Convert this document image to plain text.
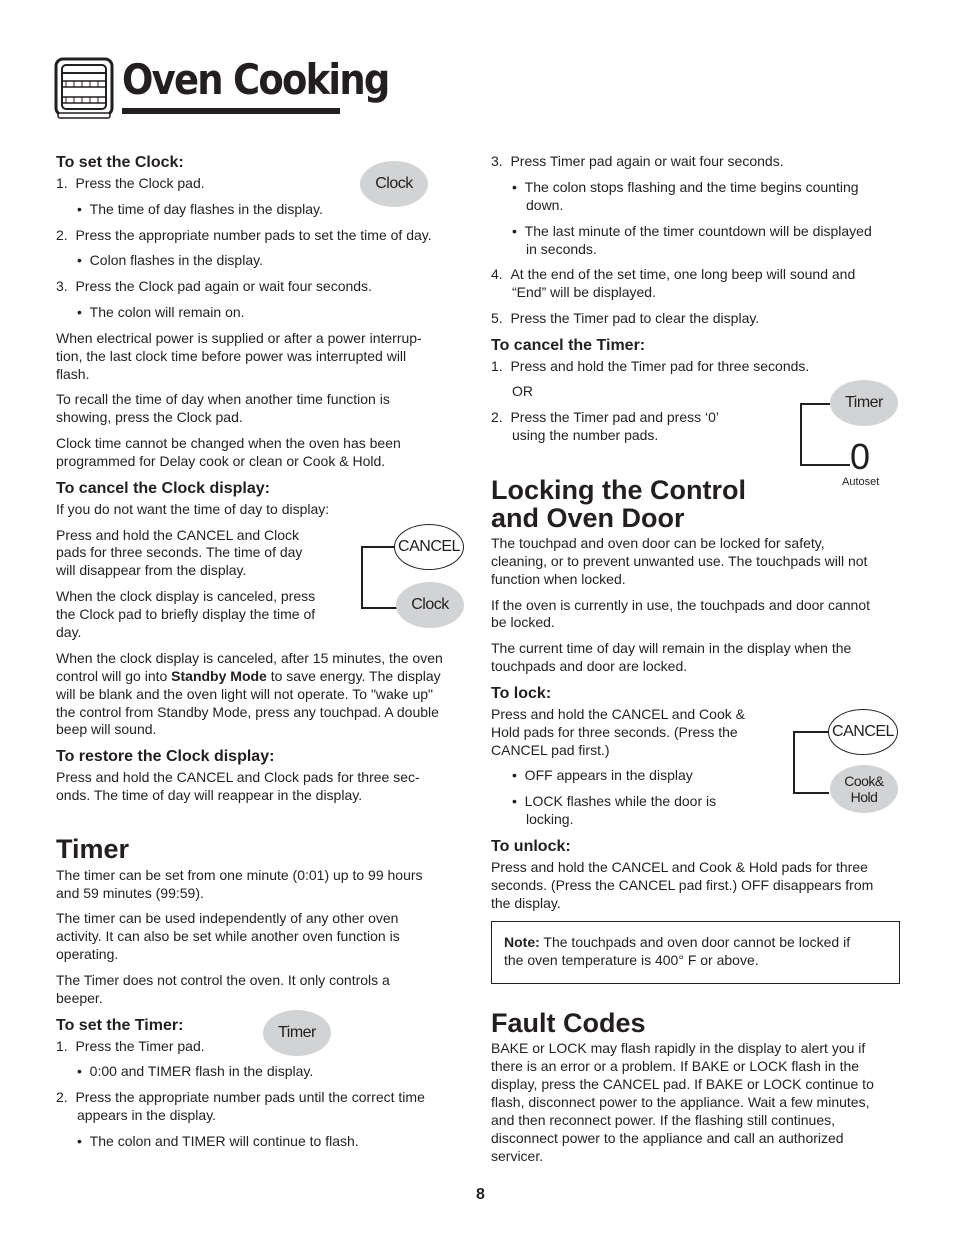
Oven Cooking
To set the Clock:
1.  Press the Clock pad.
•  The time of day flashes in the display.
2.  Press the appropriate number pads to set the time of day.
•  Colon flashes in the display.
3.  Press the Clock pad again or wait four seconds.
•  The colon will remain on.
Clock
When electrical power is supplied or after a power interrup-
tion, the last clock time before power was interrupted will
flash.
To recall the time of day when another time function is
showing, press the Clock pad.
Clock time cannot be changed when the oven has been
programmed for Delay cook or clean or Cook & Hold.
To cancel the Clock display:
If you do not want the time of day to display:
Press and hold the CANCEL and Clock
pads for three seconds. The time of day
will disappear from the display.
When the clock display is canceled, press
the Clock pad to briefly display the time of
day.
CANCEL
Clock
When the clock display is canceled, after 15 minutes, the oven
control will go into Standby Mode to save energy. The display
will be blank and the oven light will not operate. To "wake up"
the control from Standby Mode, press any touchpad. A double
beep will sound.
To restore the Clock display:
Press and hold the CANCEL and Clock pads for three sec-
onds. The time of day will reappear in the display.
Timer
The timer can be set from one minute (0:01) up to 99 hours
and 59 minutes (99:59).
The timer can be used independently of any other oven
activity. It can also be set while another oven function is
operating.
The Timer does not control the oven. It only controls a
beeper.
To set the Timer:	Timer
1.  Press the Timer pad.
•  0:00 and TIMER flash in the display.
2.  Press the appropriate number pads until the correct time
appears in the display.
•  The colon and TIMER will continue to flash.
3.  Press Timer pad again or wait four seconds.
•  The colon stops flashing and the time begins counting
down.
•  The last minute of the timer countdown will be displayed
in seconds.
4.  At the end of the set time, one long beep will sound and
“End” will be displayed.
5.  Press the Timer pad to clear the display.
To cancel the Timer:
1.  Press and hold the Timer pad for three seconds.
OR
2.  Press the Timer pad and press ‘0’
using the number pads.
Timer
0
Autoset
Locking the Control
and Oven Door
The touchpad and oven door can be locked for safety,
cleaning, or to prevent unwanted use. The touchpads will not
function when locked.
If the oven is currently in use, the touchpads and door cannot
be locked.
The current time of day will remain in the display when the
touchpads and door are locked.
To lock:
Press and hold the CANCEL and Cook &
Hold pads for three seconds. (Press the
CANCEL pad first.)
•  OFF appears in the display
•  LOCK flashes while the door is
locking.
CANCEL
Cook&
Hold
To unlock:
Press and hold the CANCEL and Cook & Hold pads for three
seconds. (Press the CANCEL pad first.) OFF disappears from
the display.
Note: The touchpads and oven door cannot be locked if
the oven temperature is 400° F or above.
Fault Codes
BAKE or LOCK may flash rapidly in the display to alert you if
there is an error or a problem. If BAKE or LOCK flash in the
display, press the CANCEL pad. If BAKE or LOCK continue to
flash, disconnect power to the appliance. Wait a few minutes,
and then reconnect power. If the flashing still continues,
disconnect power to the appliance and call an authorized
servicer.
8
